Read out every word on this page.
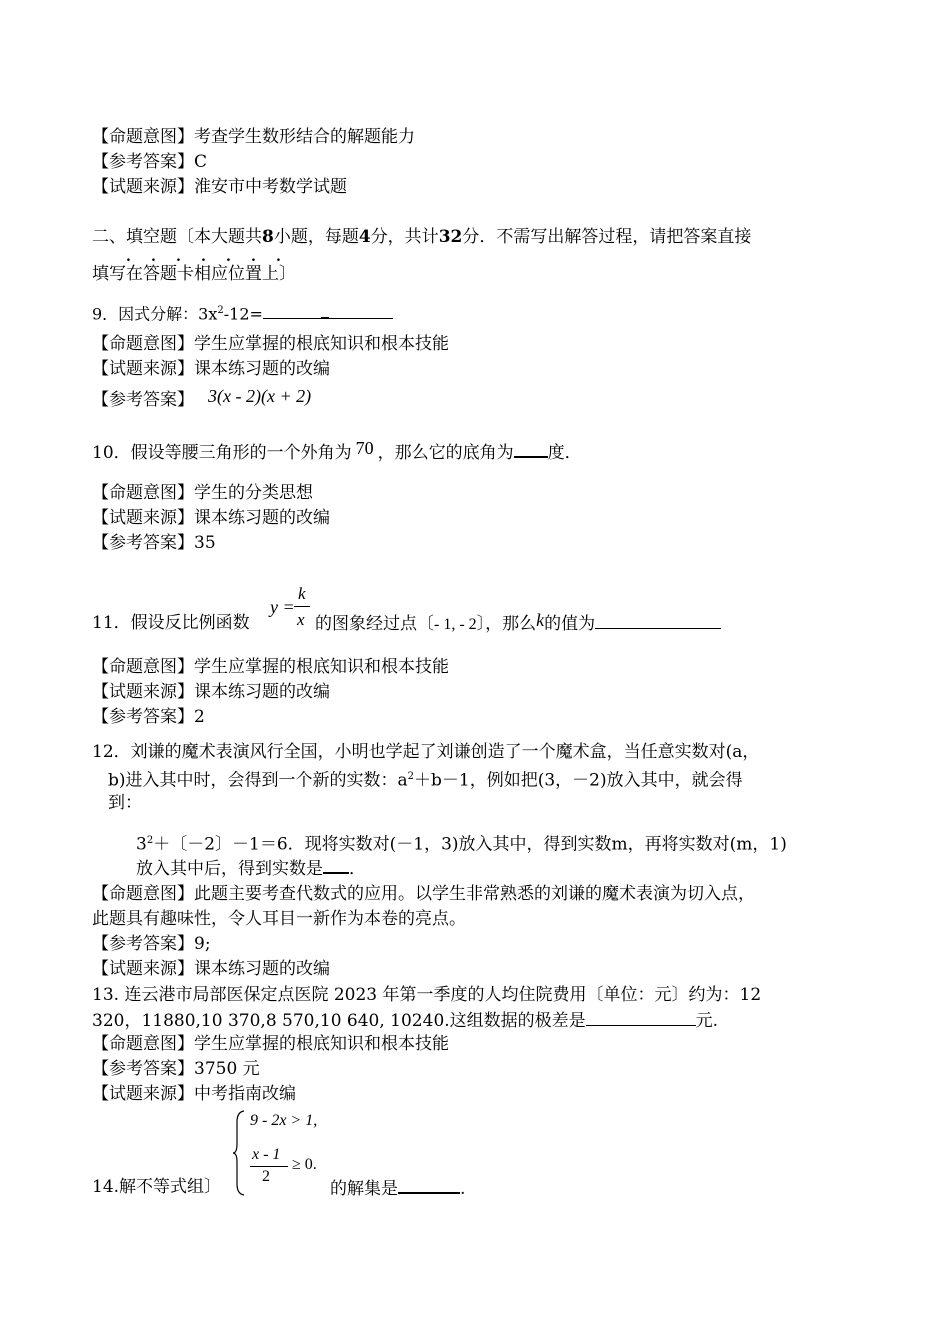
【命题意图】考查学生数形结合的解题能力
【参考答案】C
【试题来源】淮安市中考数学试题
二、填空题〔本大题共8小题，每题4分，共计32分．不需写出解答过程，请把答案直接
. . . . . . .
填写在答题卡相应位置上〕
9．因式分解：$3x^2-12=$
【命题意图】学生应掌握的根底知识和根本技能
【试题来源】课本练习题的改编
【参考答案】 3(x - 2)(x + 2)
10．假设等腰三角形的一个外角为 70 ，那么它的底角为 度．
【命题意图】学生的分类思想
【试题来源】课本练习题的改编
【参考答案】35
11．假设反比例函数
y =
k
x 的图象经过点〔- 1, - 2〕，那么k的值为
【命题意图】学生应掌握的根底知识和根本技能
【试题来源】课本练习题的改编
【参考答案】2
12．刘谦的魔术表演风行全国，小明也学起了刘谦创造了一个魔术盒，当任意实数对(a，
b)进入其中时，会得到一个新的实数：$a^2+b-1$，例如把(3，－2)放入其中，就会得
到：
$3^2+$〔－2〕－1＝6．现将实数对(－1，3)放入其中，得到实数m，再将实数对(m，1)
放入其中后，得到实数是 ．
【命题意图】此题主要考查代数式的应用。以学生非常熟悉的刘谦的魔术表演为切入点，
此题具有趣味性，令人耳目一新作为本卷的亮点。
【参考答案】9;
【试题来源】课本练习题的改编
13. 连云港市局部医保定点医院 2023 年第一季度的人均住院费用〔单位：元〕约为：12
320，11880,10 370,8 570,10 640, 10240.这组数据的极差是	元.
【命题意图】学生应掌握的根底知识和根本技能
【参考答案】3750 元
【试题来源】中考指南改编
14.解不等式组〕
9 - 2x > 1,
x - 1
2
≥ 0.
的解集是	.
